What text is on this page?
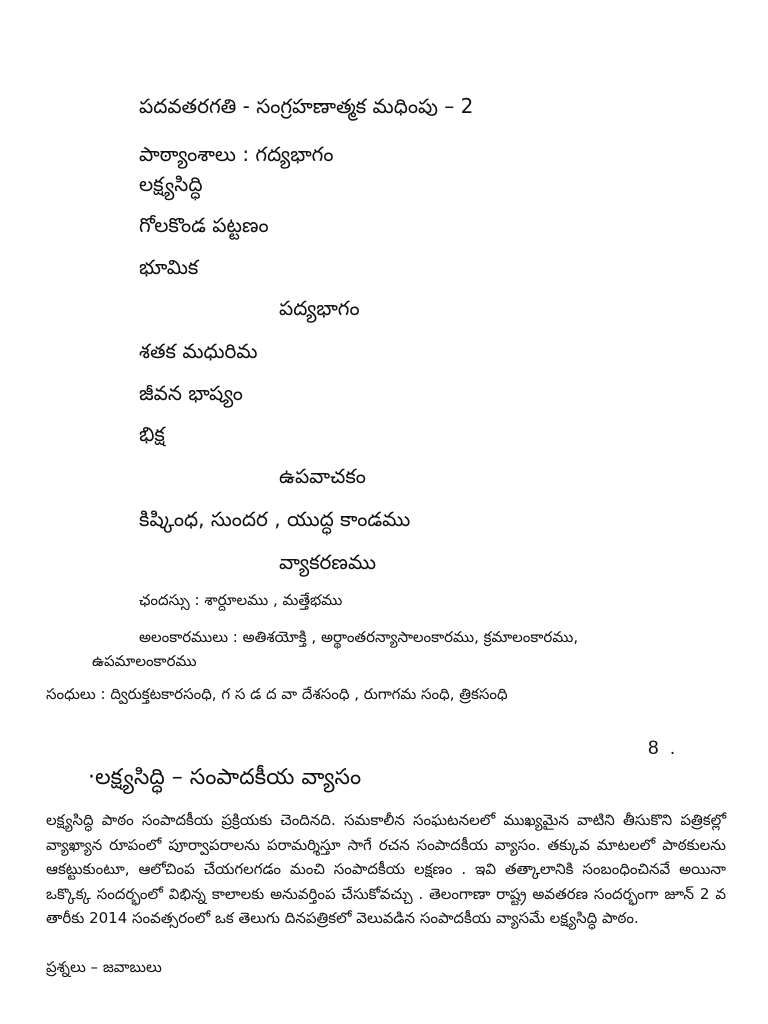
పదవతరగతి - సంగ్రహణాత్మక మధింపు – 2
పాఠ్యాంశాలు : గద్యభాగం
లక్ష్యసిద్ధి
గోలకొండ పట్టణం
భూమిక
పద్యభాగం
శతక మధురిమ
జీవన భాష్యం
భిక్ష
ఉపవాచకం
కిష్కింధ, సుందర , యుద్ధ కాండము
వ్యాకరణము
ఛందస్సు : శార్దూలము , మత్తేభము
అలంకారములు : అతిశయోక్తి , అర్థాంతరన్యాసాలంకారము, క్రమాలంకారము,
ఉపమాలంకారము
సంధులు : ద్విరుక్తటకారసంధి, గ స డ ద వా దేశసంధి , రుగాగమ సంధి, త్రికసంధి
8 .
·లక్ష్యసిద్ధి – సంపాదకీయ వ్యాసం

లక్ష్యసిద్ధి పాఠం సంపాదకీయ ప్రక్రియకు చెందినది. సమకాలీన సంఘటనలలో ముఖ్యమైన వాటిని తీసుకొని పత్రికల్లో వ్యాఖ్యాన రూపంలో పూర్వాపరాలను పరామర్శిస్తూ సాగే రచన సంపాదకీయ వ్యాసం. తక్కువ మాటలలో పాఠకులను ఆకట్టుకుంటూ, ఆలోచింప చేయగలగడం మంచి సంపాదకీయ లక్షణం . ఇవి తత్కాలానికి సంబంధించినవే అయినా ఒక్కొక్క సందర్భంలో విభిన్న కాలాలకు అనువర్తింప చేసుకోవచ్చు . తెలంగాణా రాష్ట్ర అవతరణ సందర్భంగా జూన్ 2 వ తారీకు 2014 సంవత్సరంలో ఒక తెలుగు దినపత్రికలో వెలువడిన సంపాదకీయ వ్యాసమే లక్ష్యసిద్ధి పాఠం.

ప్రశ్నలు – జవాబులు
